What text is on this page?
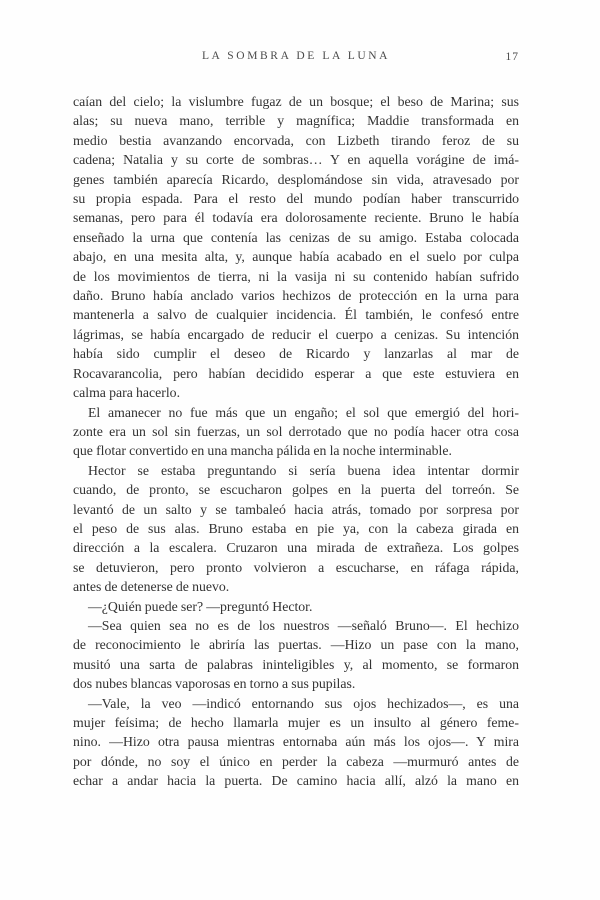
LA SOMBRA DE LA LUNA	17
caían del cielo; la vislumbre fugaz de un bosque; el beso de Marina; sus
alas; su nueva mano, terrible y magnífica; Maddie transformada en
medio bestia avanzando encorvada, con Lizbeth tirando feroz de su
cadena; Natalia y su corte de sombras… Y en aquella vorágine de imá-
genes también aparecía Ricardo, desplomándose sin vida, atravesado por
su propia espada. Para el resto del mundo podían haber transcurrido
semanas, pero para él todavía era dolorosamente reciente. Bruno le había
enseñado la urna que contenía las cenizas de su amigo. Estaba colocada
abajo, en una mesita alta, y, aunque había acabado en el suelo por culpa
de los movimientos de tierra, ni la vasija ni su contenido habían sufrido
daño. Bruno había anclado varios hechizos de protección en la urna para
mantenerla a salvo de cualquier incidencia. Él también, le confesó entre
lágrimas, se había encargado de reducir el cuerpo a cenizas. Su intención
había sido cumplir el deseo de Ricardo y lanzarlas al mar de
Rocavarancolia, pero habían decidido esperar a que este estuviera en
calma para hacerlo.
El amanecer no fue más que un engaño; el sol que emergió del hori-
zonte era un sol sin fuerzas, un sol derrotado que no podía hacer otra cosa
que flotar convertido en una mancha pálida en la noche interminable.
Hector se estaba preguntando si sería buena idea intentar dormir
cuando, de pronto, se escucharon golpes en la puerta del torreón. Se
levantó de un salto y se tambaleó hacia atrás, tomado por sorpresa por
el peso de sus alas. Bruno estaba en pie ya, con la cabeza girada en
dirección a la escalera. Cruzaron una mirada de extrañeza. Los golpes
se detuvieron, pero pronto volvieron a escucharse, en ráfaga rápida,
antes de detenerse de nuevo.
—¿Quién puede ser? —preguntó Hector.
—Sea quien sea no es de los nuestros —señaló Bruno—. El hechizo
de reconocimiento le abriría las puertas. —Hizo un pase con la mano,
musitó una sarta de palabras ininteligibles y, al momento, se formaron
dos nubes blancas vaporosas en torno a sus pupilas.
—Vale, la veo —indicó entornando sus ojos hechizados—, es una
mujer feísima; de hecho llamarla mujer es un insulto al género feme-
nino. —Hizo otra pausa mientras entornaba aún más los ojos—. Y mira
por dónde, no soy el único en perder la cabeza —murmuró antes de
echar a andar hacia la puerta. De camino hacia allí, alzó la mano en
